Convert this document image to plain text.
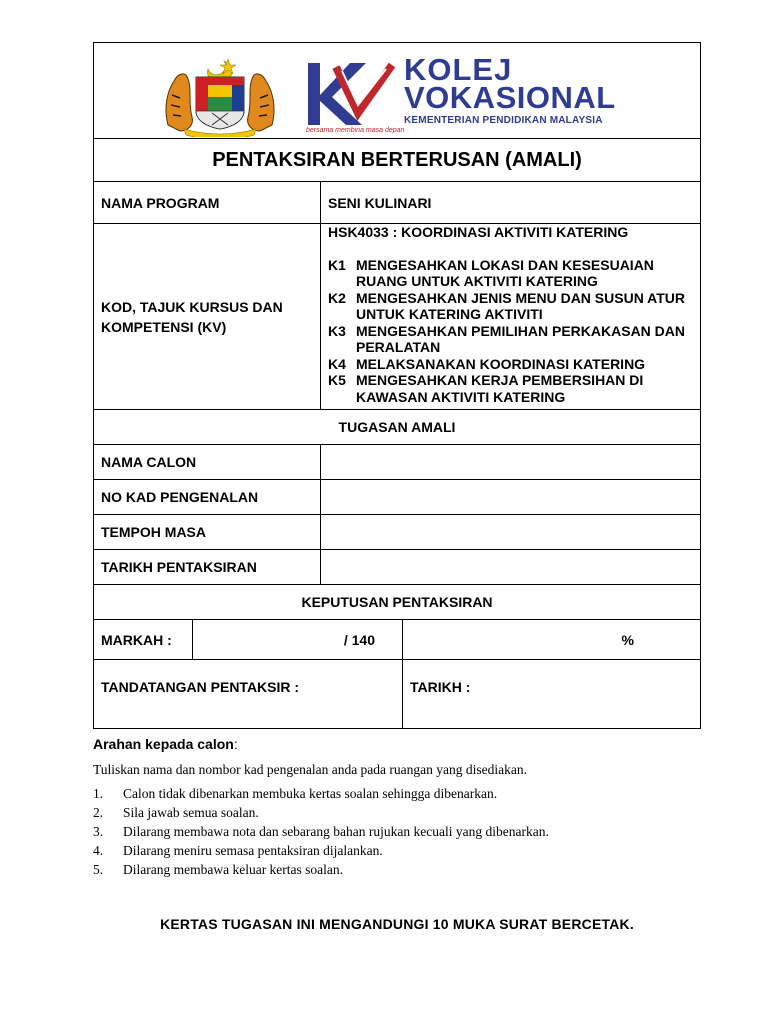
KOLEJ
VOKASIONAL
KEMENTERIAN PENDIDIKAN MALAYSIA
bersama membina masa depan
PENTAKSIRAN BERTERUSAN (AMALI)
NAMA PROGRAM	SENI KULINARI
KOD, TAJUK KURSUS DAN KOMPETENSI (KV)
HSK4033 : KOORDINASI AKTIVITI KATERING
K1 MENGESAHKAN LOKASI DAN KESESUAIAN RUANG UNTUK AKTIVITI KATERING
K2 MENGESAHKAN JENIS MENU DAN SUSUN ATUR UNTUK KATERING AKTIVITI
K3 MENGESAHKAN PEMILIHAN PERKAKASAN DAN PERALATAN
K4 MELAKSANAKAN KOORDINASI KATERING
K5 MENGESAHKAN KERJA PEMBERSIHAN DI KAWASAN AKTIVITI KATERING
TUGASAN AMALI
NAMA CALON
NO KAD PENGENALAN
TEMPOH MASA
TARIKH PENTAKSIRAN
KEPUTUSAN PENTAKSIRAN
MARKAH :	/ 140	%
TANDATANGAN PENTAKSIR :	TARIKH :
Arahan kepada calon:
Tuliskan nama dan nombor kad pengenalan anda pada ruangan yang disediakan.
1.	Calon tidak dibenarkan membuka kertas soalan sehingga dibenarkan.
2.	Sila jawab semua soalan.
3.	Dilarang membawa nota dan sebarang bahan rujukan kecuali yang dibenarkan.
4.	Dilarang meniru semasa pentaksiran dijalankan.
5.	Dilarang membawa keluar kertas soalan.
KERTAS TUGASAN INI MENGANDUNGI 10 MUKA SURAT BERCETAK.
